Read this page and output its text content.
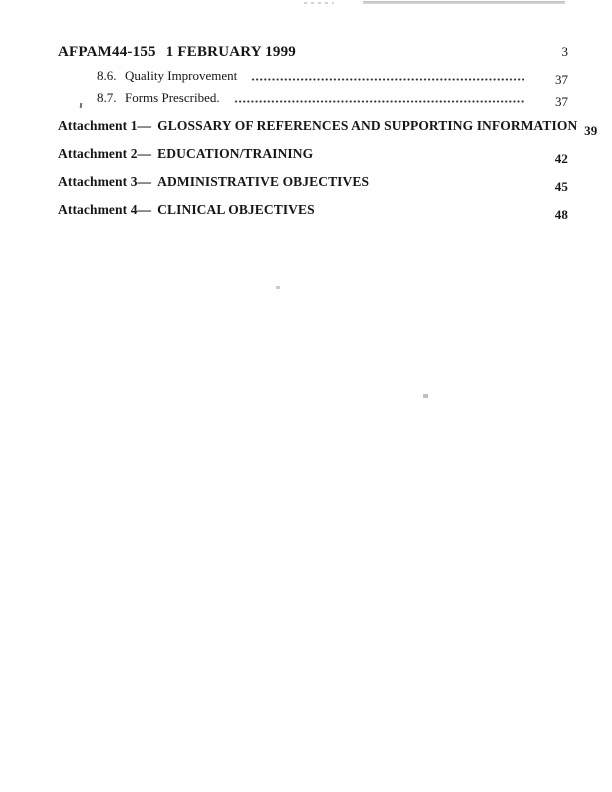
AFPAM44-155 1 FEBRUARY 1999	3
8.6. Quality Improvement	37
8.7. Forms Prescribed.	37
Attachment 1— GLOSSARY OF REFERENCES AND SUPPORTING INFORMATION 39
Attachment 2— EDUCATION/TRAINING	42
Attachment 3— ADMINISTRATIVE OBJECTIVES	45
Attachment 4— CLINICAL OBJECTIVES	48
